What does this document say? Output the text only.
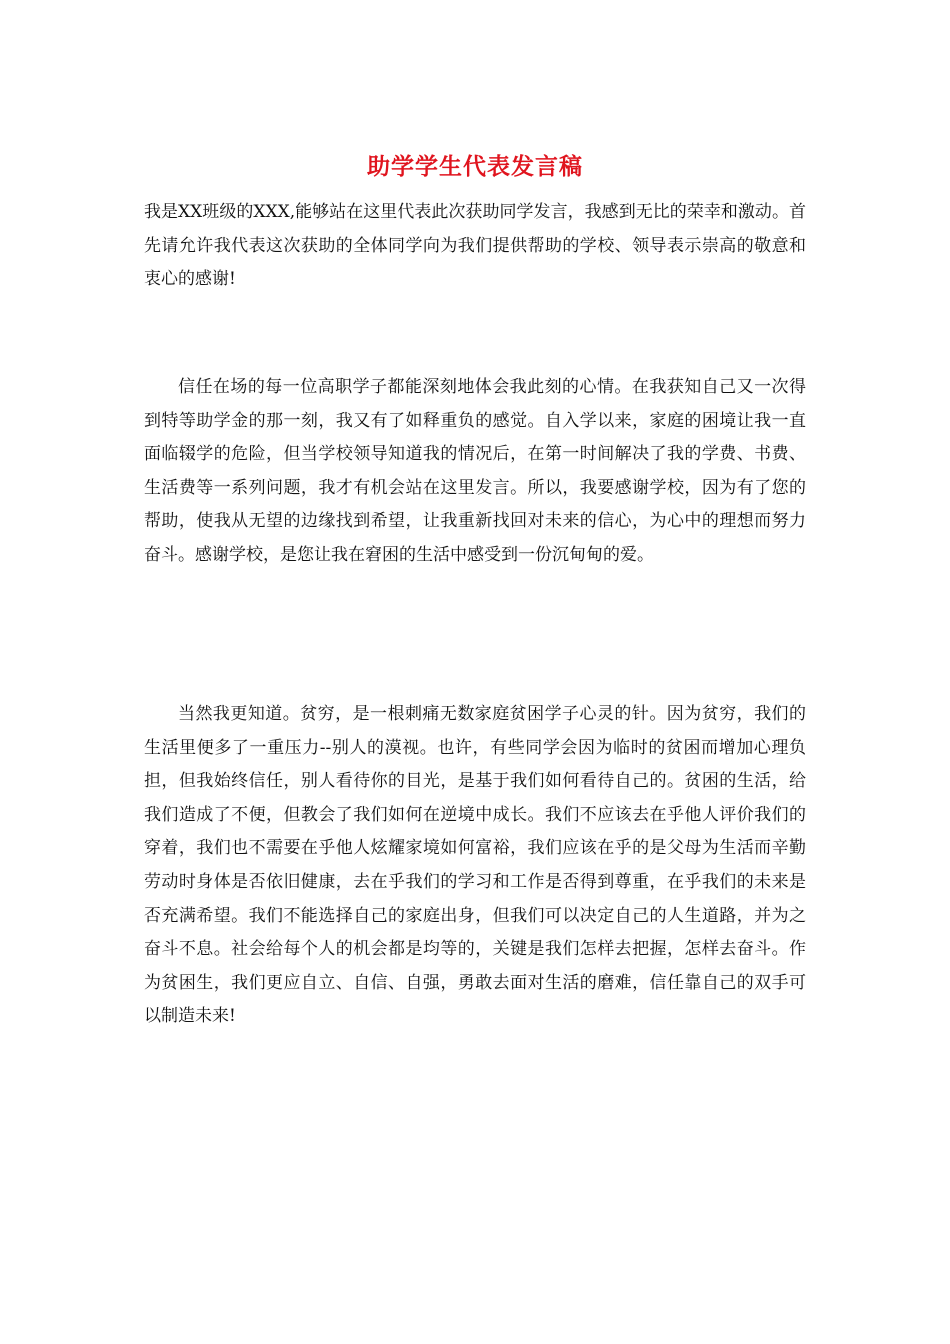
助学学生代表发言稿

我是XX班级的XXX,能够站在这里代表此次获助同学发言，我感到无比的荣幸和激动。首先请允许我代表这次获助的全体同学向为我们提供帮助的学校、领导表示崇高的敬意和衷心的感谢!

信任在场的每一位高职学子都能深刻地体会我此刻的心情。在我获知自己又一次得到特等助学金的那一刻，我又有了如释重负的感觉。自入学以来，家庭的困境让我一直面临辍学的危险，但当学校领导知道我的情况后，在第一时间解决了我的学费、书费、生活费等一系列问题，我才有机会站在这里发言。所以，我要感谢学校，因为有了您的帮助，使我从无望的边缘找到希望，让我重新找回对未来的信心，为心中的理想而努力奋斗。感谢学校，是您让我在窘困的生活中感受到一份沉甸甸的爱。

当然我更知道。贫穷，是一根刺痛无数家庭贫困学子心灵的针。因为贫穷，我们的生活里便多了一重压力--别人的漠视。也许，有些同学会因为临时的贫困而增加心理负担，但我始终信任，别人看待你的目光，是基于我们如何看待自己的。贫困的生活，给我们造成了不便，但教会了我们如何在逆境中成长。我们不应该去在乎他人评价我们的穿着，我们也不需要在乎他人炫耀家境如何富裕，我们应该在乎的是父母为生活而辛勤劳动时身体是否依旧健康，去在乎我们的学习和工作是否得到尊重，在乎我们的未来是否充满希望。我们不能选择自己的家庭出身，但我们可以决定自己的人生道路，并为之奋斗不息。社会给每个人的机会都是均等的，关键是我们怎样去把握，怎样去奋斗。作为贫困生，我们更应自立、自信、自强，勇敢去面对生活的磨难，信任靠自己的双手可以制造未来!
